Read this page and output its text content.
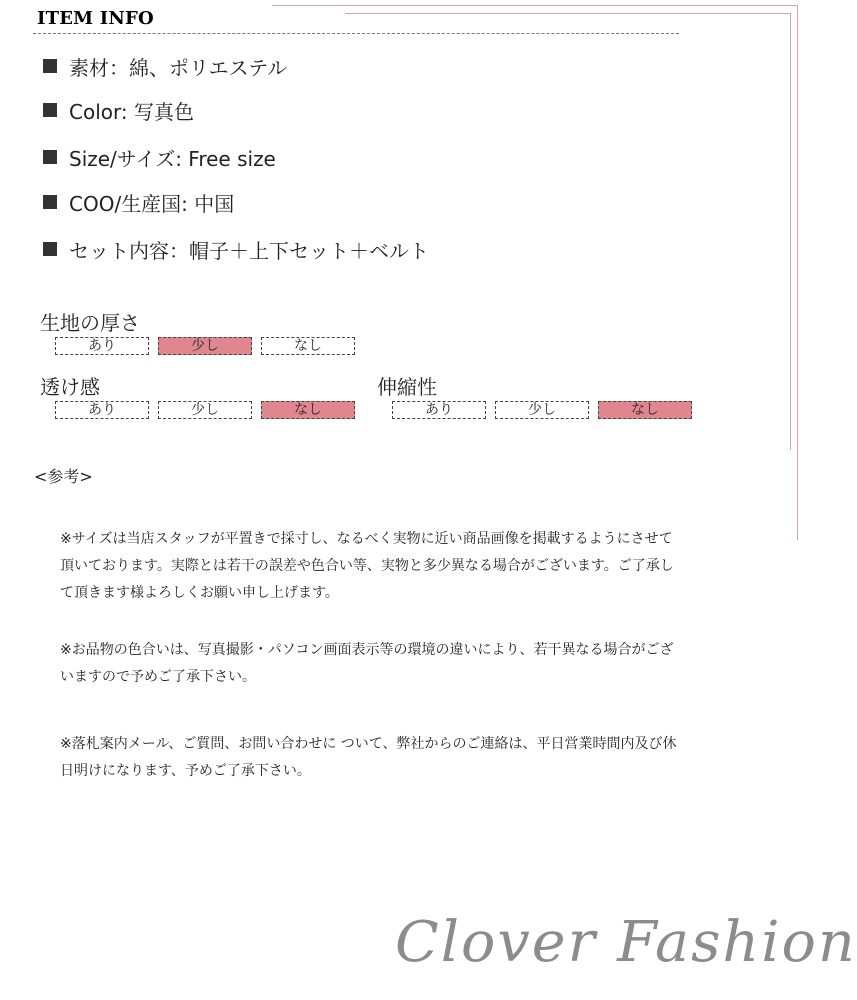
ITEM INFO
素材：綿、ポリエステル
Color: 写真色
Size/サイズ: Free size
COO/生産国: 中国
セット内容：帽子＋上下セット＋ベルト
生地の厚さ
あり	少し	なし
透け感
あり	少し	なし
伸縮性
あり	少し	なし
<参考>
※サイズは当店スタッフが平置きで採寸し、なるべく実物に近い商品画像を掲載するようにさせて頂いております。実際とは若干の誤差や色合い等、実物と多少異なる場合がございます。ご了承して頂きます様よろしくお願い申し上げます。
※お品物の色合いは、写真撮影・パソコン画面表示等の環境の違いにより、若干異なる場合がございますので予めご了承下さい。
※落札案内メール、ご質問、お問い合わせに ついて、弊社からのご連絡は、平日営業時間内及び休日明けになります、予めご了承下さい。
Clover Fashion
